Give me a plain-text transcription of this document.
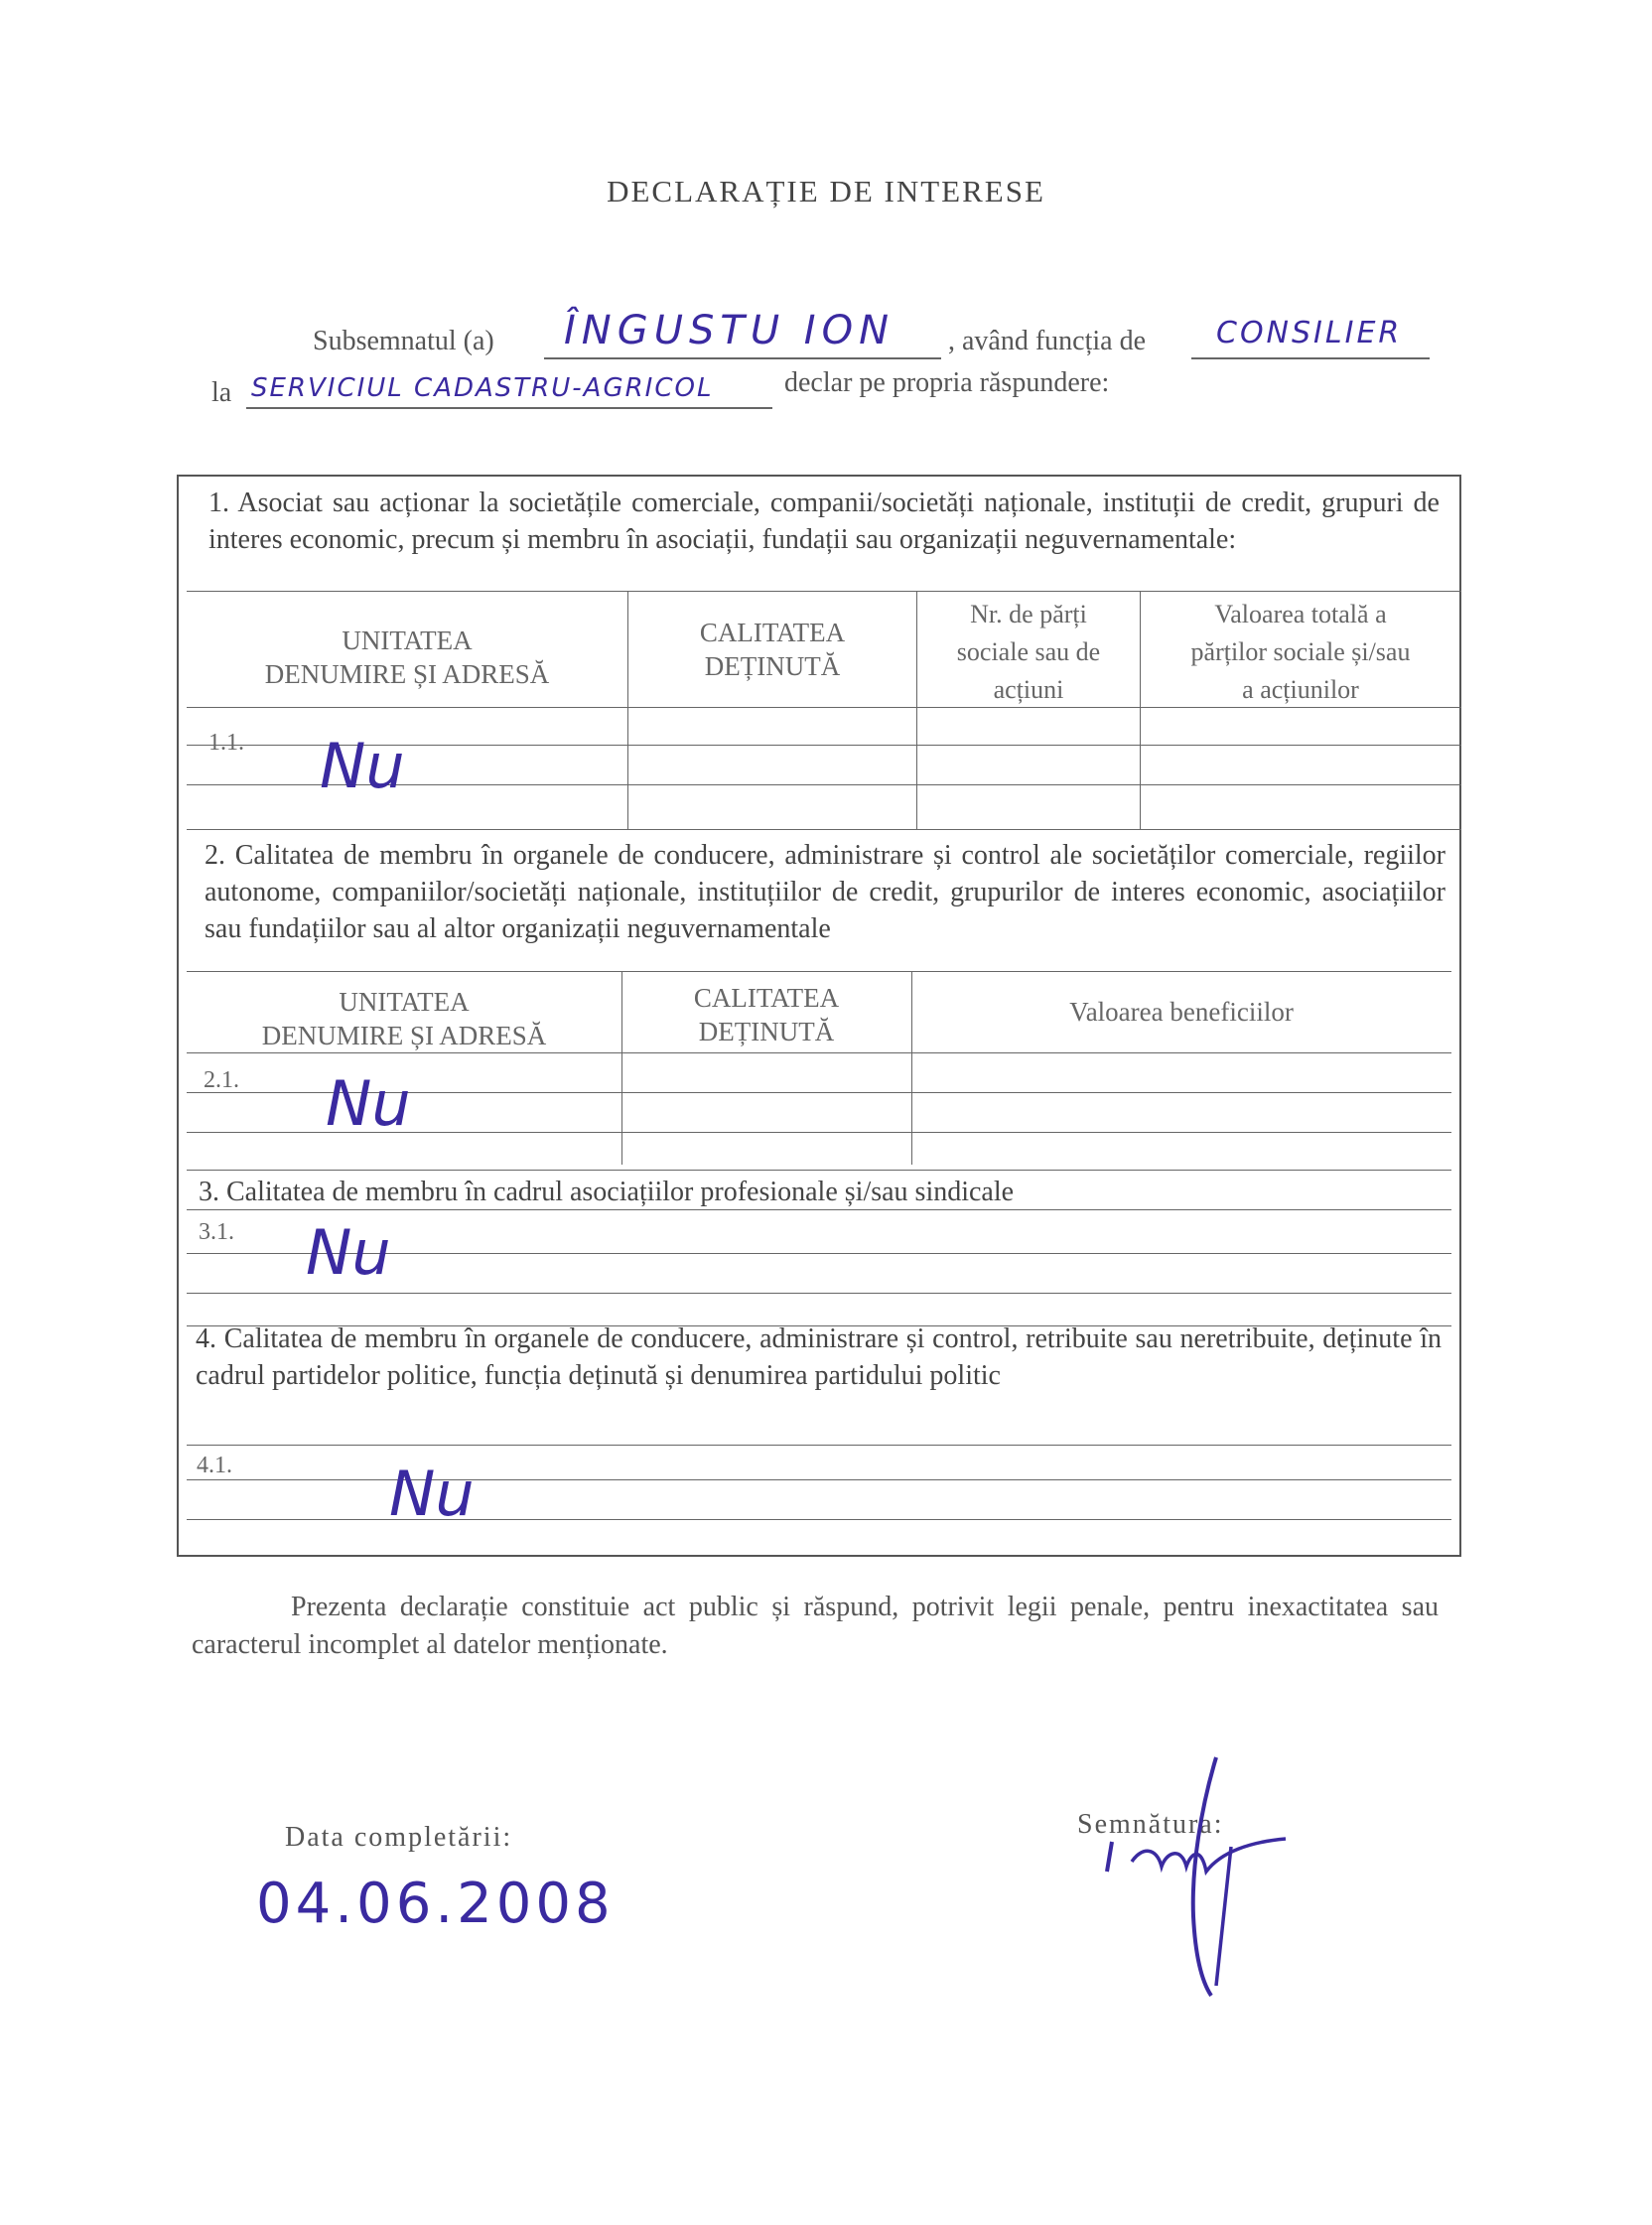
DECLARAȚIE DE INTERESE
Subsemnatul (a) ÎNGUSTU ION , având funcția de CONSILIER
la SERVICIUL CADASTRU-AGRICOL	declar pe propria răspundere:
1. Asociat sau acționar la societățile comerciale, companii/societăți naționale, instituții de credit, grupuri de interes economic, precum și membru în asociații, fundații sau organizații neguvernamentale:
UNITATEA
DENUMIRE ȘI ADRESĂ
CALITATEA
DEȚINUTĂ
Nr. de părți
sociale sau de
acțiuni
Valoarea totală a
părților sociale și/sau
a acțiunilor
1.1. Nu
2. Calitatea de membru în organele de conducere, administrare și control ale societăților comerciale, regiilor autonome, companiilor/societăți naționale, instituțiilor de credit, grupurilor de interes economic, asociațiilor sau fundațiilor sau al altor organizații neguvernamentale
UNITATEA
DENUMIRE ȘI ADRESĂ
CALITATEA
DEȚINUTĂ
Valoarea beneficiilor
2.1. Nu
3. Calitatea de membru în cadrul asociațiilor profesionale și/sau sindicale
3.1. Nu
4. Calitatea de membru în organele de conducere, administrare și control, retribuite sau neretribuite, deținute în cadrul partidelor politice, funcția deținută și denumirea partidului politic
4.1.	Nu
Prezenta declarație constituie act public și răspund, potrivit legii penale, pentru inexactitatea sau caracterul incomplet al datelor menționate.
Data completării:
04.06.2008
Semnătura:
